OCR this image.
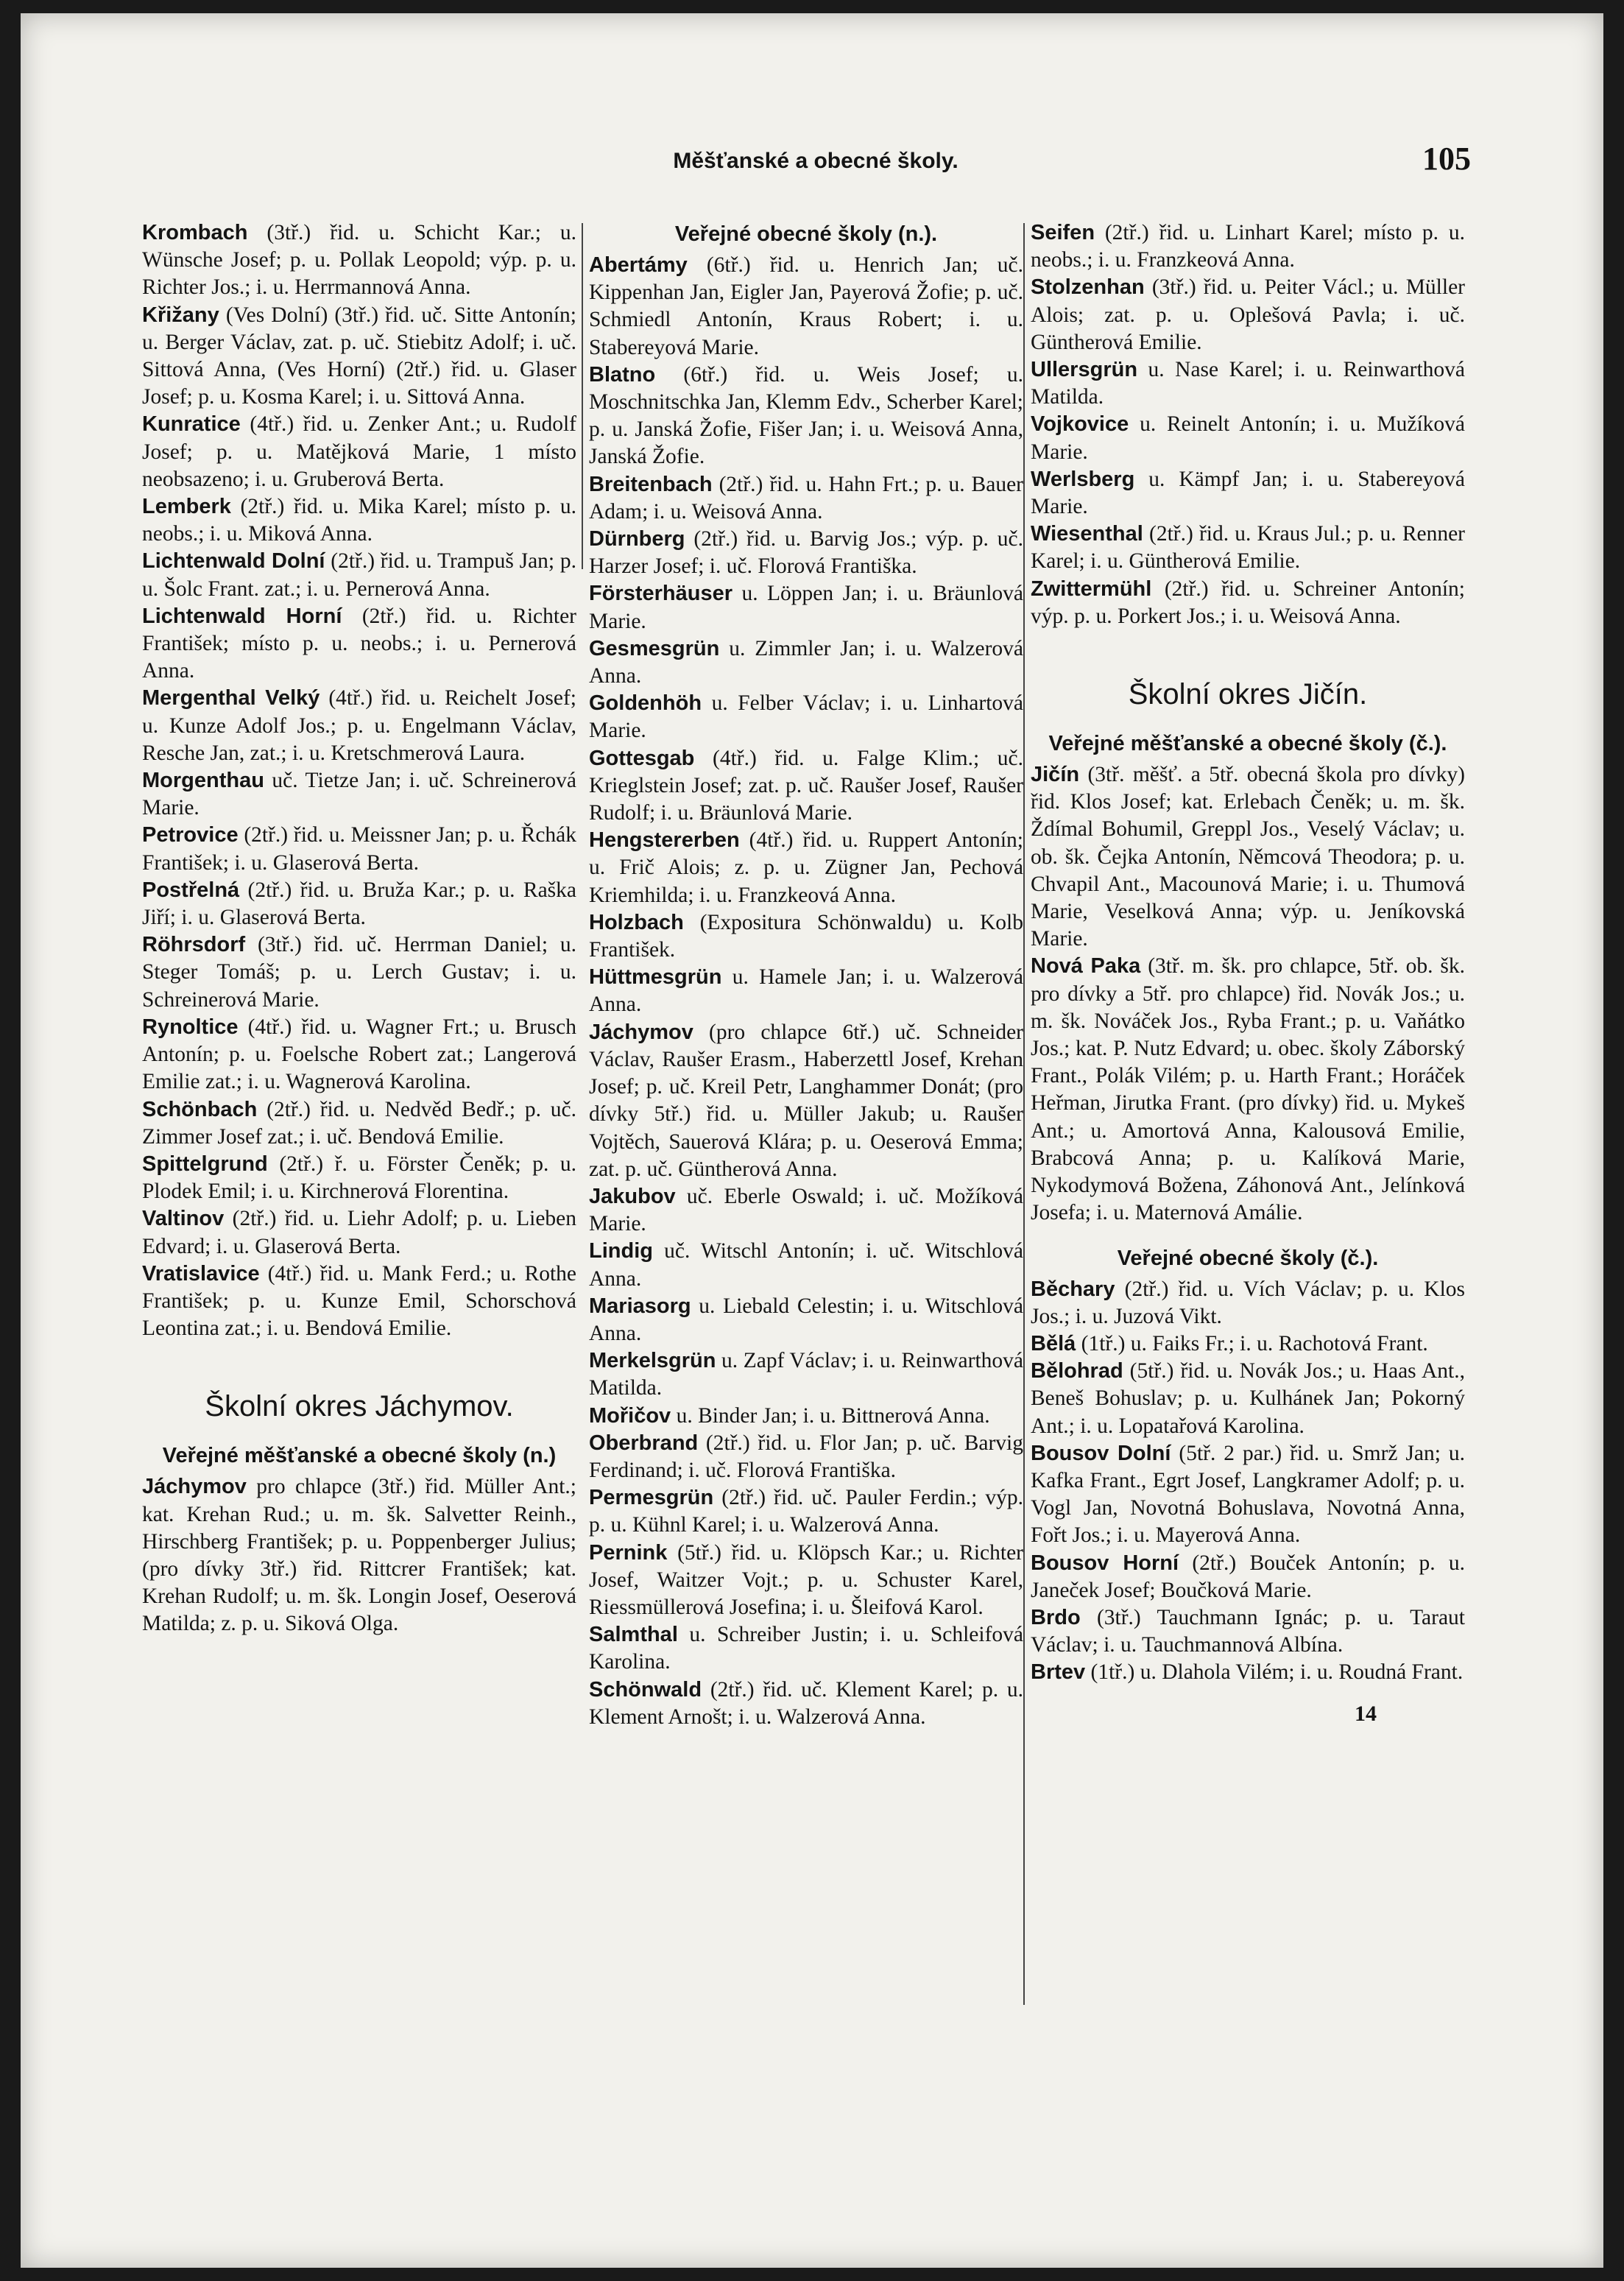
Měšťanské a obecné školy.	105

Krombach (3tř.) řid. u. Schicht Kar.; u. Wünsche Josef; p. u. Pollak Leopold; výp. p. u. Richter Jos.; i. u. Herrmannová Anna.

Křižany (Ves Dolní) (3tř.) řid. uč. Sitte Antonín; u. Berger Václav, zat. p. uč. Stiebitz Adolf; i. uč. Sittová Anna, (Ves Horní) (2tř.) řid. u. Glaser Josef; p. u. Kosma Karel; i. u. Sittová Anna.

Kunratice (4tř.) řid. u. Zenker Ant.; u. Rudolf Josef; p. u. Matějková Marie, 1 místo neobsazeno; i. u. Gruberová Berta.

Lemberk (2tř.) řid. u. Mika Karel; místo p. u. neobs.; i. u. Miková Anna.

Lichtenwald Dolní (2tř.) řid. u. Trampuš Jan; p. u. Šolc Frant. zat.; i. u. Pernerová Anna.

Lichtenwald Horní (2tř.) řid. u. Richter František; místo p. u. neobs.; i. u. Pernerová Anna.

Mergenthal Velký (4tř.) řid. u. Reichelt Josef; u. Kunze Adolf Jos.; p. u. Engelmann Václav, Resche Jan, zat.; i. u. Kretschmerová Laura.

Morgenthau uč. Tietze Jan; i. uč. Schreinerová Marie.

Petrovice (2tř.) řid. u. Meissner Jan; p. u. Řchák František; i. u. Glaserová Berta.

Postřelná (2tř.) řid. u. Bruža Kar.; p. u. Raška Jiří; i. u. Glaserová Berta.

Röhrsdorf (3tř.) řid. uč. Herrman Daniel; u. Steger Tomáš; p. u. Lerch Gustav; i. u. Schreinerová Marie.

Rynoltice (4tř.) řid. u. Wagner Frt.; u. Brusch Antonín; p. u. Foelsche Robert zat.; Langerová Emilie zat.; i. u. Wagnerová Karolina.

Schönbach (2tř.) řid. u. Nedvěd Bedř.; p. uč. Zimmer Josef zat.; i. uč. Bendová Emilie.

Spittelgrund (2tř.) ř. u. Förster Čeněk; p. u. Plodek Emil; i. u. Kirchnerová Florentina.

Valtinov (2tř.) řid. u. Liehr Adolf; p. u. Lieben Edvard; i. u. Glaserová Berta.

Vratislavice (4tř.) řid. u. Mank Ferd.; u. Rothe František; p. u. Kunze Emil, Schorschová Leontina zat.; i. u. Bendová Emilie.

Školní okres Jáchymov.
Veřejné měšťanské a obecné školy (n.)

Jáchymov pro chlapce (3tř.) řid. Müller Ant.; kat. Krehan Rud.; u. m. šk. Salvetter Reinh., Hirschberg František; p. u. Poppenberger Julius; (pro dívky 3tř.) řid. Rittcrer František; kat. Krehan Rudolf; u. m. šk. Longin Josef, Oeserová Matilda; z. p. u. Siková Olga.

Veřejné obecné školy (n.).

Abertámy (6tř.) řid. u. Henrich Jan; uč. Kippenhan Jan, Eigler Jan, Payerová Žofie; p. uč. Schmiedl Antonín, Kraus Robert; i. u. Stabereyová Marie.

Blatno (6tř.) řid. u. Weis Josef; u. Moschnitschka Jan, Klemm Edv., Scherber Karel; p. u. Janská Žofie, Fišer Jan; i. u. Weisová Anna, Janská Žofie.

Breitenbach (2tř.) řid. u. Hahn Frt.; p. u. Bauer Adam; i. u. Weisová Anna.

Dürnberg (2tř.) řid. u. Barvig Jos.; výp. p. uč. Harzer Josef; i. uč. Florová Františka.

Försterhäuser u. Löppen Jan; i. u. Bräunlová Marie.

Gesmesgrün u. Zimmler Jan; i. u. Walzerová Anna.

Goldenhöh u. Felber Václav; i. u. Linhartová Marie.

Gottesgab (4tř.) řid. u. Falge Klim.; uč. Krieglstein Josef; zat. p. uč. Raušer Josef, Raušer Rudolf; i. u. Bräunlová Marie.

Hengstererben (4tř.) řid. u. Ruppert Antonín; u. Frič Alois; z. p. u. Zügner Jan, Pechová Kriemhilda; i. u. Franzkeová Anna.

Holzbach (Expositura Schönwaldu) u. Kolb František.

Hüttmesgrün u. Hamele Jan; i. u. Walzerová Anna.

Jáchymov (pro chlapce 6tř.) uč. Schneider Václav, Raušer Erasm., Haberzettl Josef, Krehan Josef; p. uč. Kreil Petr, Langhammer Donát; (pro dívky 5tř.) řid. u. Müller Jakub; u. Raušer Vojtěch, Sauerová Klára; p. u. Oeserová Emma; zat. p. uč. Güntherová Anna.

Jakubov uč. Eberle Oswald; i. uč. Možíková Marie.

Lindig uč. Witschl Antonín; i. uč. Witschlová Anna.

Mariasorg u. Liebald Celestin; i. u. Witschlová Anna.

Merkelsgrün u. Zapf Václav; i. u. Reinwarthová Matilda.

Mořičov u. Binder Jan; i. u. Bittnerová Anna.

Oberbrand (2tř.) řid. u. Flor Jan; p. uč. Barvig Ferdinand; i. uč. Florová Františka.

Permesgrün (2tř.) řid. uč. Pauler Ferdin.; výp. p. u. Kühnl Karel; i. u. Walzerová Anna.

Pernink (5tř.) řid. u. Klöpsch Kar.; u. Richter Josef, Waitzer Vojt.; p. u. Schuster Karel, Riessmüllerová Josefina; i. u. Šleifová Karol.

Salmthal u. Schreiber Justin; i. u. Schleifová Karolina.

Schönwald (2tř.) řid. uč. Klement Karel; p. u. Klement Arnošt; i. u. Walzerová Anna.

Seifen (2tř.) řid. u. Linhart Karel; místo p. u. neobs.; i. u. Franzkeová Anna.

Stolzenhan (3tř.) řid. u. Peiter Václ.; u. Müller Alois; zat. p. u. Oplešová Pavla; i. uč. Güntherová Emilie.

Ullersgrün u. Nase Karel; i. u. Reinwarthová Matilda.

Vojkovice u. Reinelt Antonín; i. u. Mužíková Marie.

Werlsberg u. Kämpf Jan; i. u. Stabereyová Marie.

Wiesenthal (2tř.) řid. u. Kraus Jul.; p. u. Renner Karel; i. u. Güntherová Emilie.

Zwittermühl (2tř.) řid. u. Schreiner Antonín; výp. p. u. Porkert Jos.; i. u. Weisová Anna.

Školní okres Jičín.
Veřejné měšťanské a obecné školy (č.).

Jičín (3tř. měšť. a 5tř. obecná škola pro dívky) řid. Klos Josef; kat. Erlebach Čeněk; u. m. šk. Ždímal Bohumil, Greppl Jos., Veselý Václav; u. ob. šk. Čejka Antonín, Němcová Theodora; p. u. Chvapil Ant., Macounová Marie; i. u. Thumová Marie, Veselková Anna; výp. u. Jeníkovská Marie.

Nová Paka (3tř. m. šk. pro chlapce, 5tř. ob. šk. pro dívky a 5tř. pro chlapce) řid. Novák Jos.; u. m. šk. Nováček Jos., Ryba Frant.; p. u. Vaňátko Jos.; kat. P. Nutz Edvard; u. obec. školy Záborský Frant., Polák Vilém; p. u. Harth Frant.; Horáček Heřman, Jirutka Frant. (pro dívky) řid. u. Mykeš Ant.; u. Amortová Anna, Kalousová Emilie, Brabcová Anna; p. u. Kalíková Marie, Nykodymová Božena, Záhonová Ant., Jelínková Josefa; i. u. Maternová Amálie.

Veřejné obecné školy (č.).

Běchary (2tř.) řid. u. Vích Václav; p. u. Klos Jos.; i. u. Juzová Vikt.

Bělá (1tř.) u. Faiks Fr.; i. u. Rachotová Frant.

Bělohrad (5tř.) řid. u. Novák Jos.; u. Haas Ant., Beneš Bohuslav; p. u. Kulhánek Jan; Pokorný Ant.; i. u. Lopatařová Karolina.

Bousov Dolní (5tř. 2 par.) řid. u. Smrž Jan; u. Kafka Frant., Egrt Josef, Langkramer Adolf; p. u. Vogl Jan, Novotná Bohuslava, Novotná Anna, Fořt Jos.; i. u. Mayerová Anna.

Bousov Horní (2tř.) Bouček Antonín; p. u. Janeček Josef; Boučková Marie.

Brdo (3tř.) Tauchmann Ignác; p. u. Taraut Václav; i. u. Tauchmannová Albína.

Brtev (1tř.) u. Dlahola Vilém; i. u. Roudná Frant.

14
